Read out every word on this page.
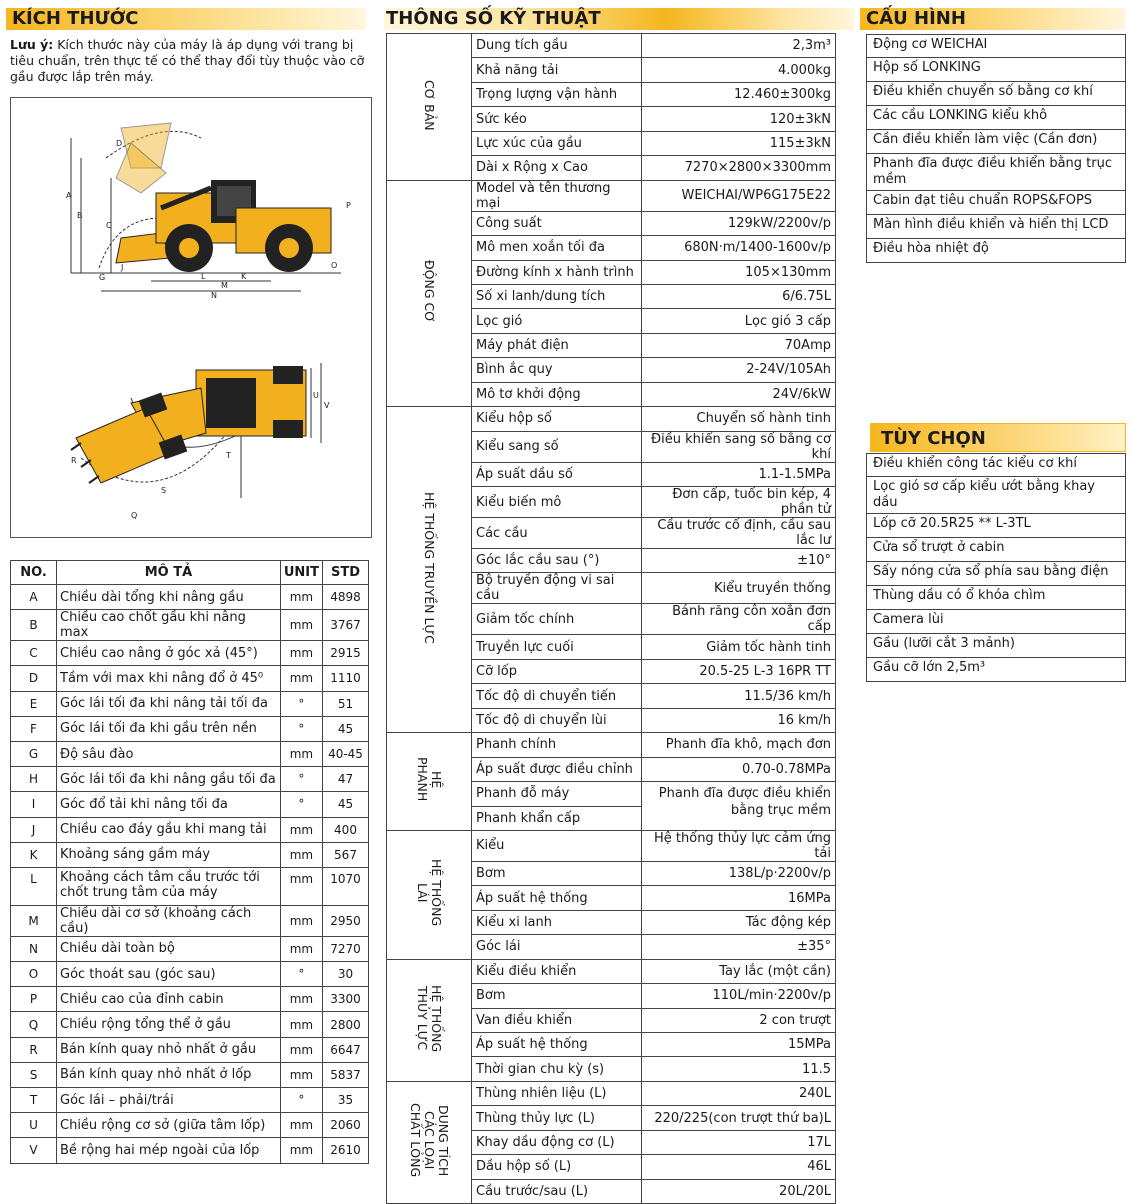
KÍCH THƯỚC	THÔNG SỐ KỸ THUẬT	CẤU HÌNH
Lưu ý: Kích thước này của máy là áp dụng với trang bị tiêu chuẩn, trên thực tế có thể thay đổi tùy thuộc vào cỡ gầu được lắp trên máy.
A
B
C
D
G
J
K
L
M
N
O
P
R
S
T
U
V
Q
NO.	MÔ TẢ	UNIT	STD
A	Chiều dài tổng khi nâng gầu	mm	4898
B	Chiều cao chốt gầu khi nâng max	mm	3767
C	Chiều cao nâng ở góc xả (45°)	mm	2915
D	Tầm với max khi nâng đổ ở 45⁰	mm	1110
E	Góc lái tối đa khi nâng tải tối đa	°	51
F	Góc lái tối đa khi gầu trên nền	°	45
G	Độ sâu đào	mm	40-45
H	Góc lái tối đa khi nâng gầu tối đa	°	47
I	Góc đổ tải khi nâng tối đa	°	45
J	Chiều cao đáy gầu khi mang tải	mm	400
K	Khoảng sáng gầm máy	mm	567
L	Khoảng cách tâm cầu trước tới chốt trung tâm của máy	mm	1070
M	Chiều dài cơ sở (khoảng cách cầu)	mm	2950
N	Chiều dài toàn bộ	mm	7270
O	Góc thoát sau (góc sau)	°	30
P	Chiều cao của đỉnh cabin	mm	3300
Q	Chiều rộng tổng thể ở gầu	mm	2800
R	Bán kính quay nhỏ nhất ở gầu	mm	6647
S	Bán kính quay nhỏ nhất ở lốp	mm	5837
T	Góc lái – phải/trái	°	35
U	Chiều rộng cơ sở (giữa tâm lốp)	mm	2060
V	Bề rộng hai mép ngoài của lốp	mm	2610
CƠ BẢN	Dung tích gầu	2,3m³
	Khả năng tải	4.000kg
	Trọng lượng vận hành	12.460±300kg
	Sức kéo	120±3kN
	Lực xúc của gầu	115±3kN
	Dài x Rộng x Cao	7270×2800×3300mm
ĐỘNG CƠ	Model và tên thương mại	WEICHAI/WP6G175E22
	Công suất	129kW/2200v/p
	Mô men xoắn tối đa	680N·m/1400-1600v/p
	Đường kính x hành trình	105×130mm
	Số xi lanh/dung tích	6/6.75L
	Lọc gió	Lọc gió 3 cấp
	Máy phát điện	70Amp
	Bình ắc quy	2-24V/105Ah
	Mô tơ khởi động	24V/6kW
HỆ THỐNG TRUYỀN LỰC	Kiểu hộp số	Chuyển số hành tinh
	Kiểu sang số	Điều khiển sang số bằng cơ khí
	Áp suất dầu số	1.1-1.5MPa
	Kiểu biến mô	Đơn cấp, tuốc bin kép, 4 phần tử
	Các cầu	Cầu trước cố định, cầu sau lắc lư
	Góc lắc cầu sau (°)	±10°
	Bộ truyền động vi sai cầu	Kiểu truyền thống
	Giảm tốc chính	Bánh răng côn xoắn đơn cấp
	Truyền lực cuối	Giảm tốc hành tinh
	Cỡ lốp	20.5-25 L-3 16PR TT
	Tốc độ di chuyển tiến	11.5/36 km/h
	Tốc độ di chuyển lùi	16 km/h
HỆ
PHANH	Phanh chính	Phanh đĩa khô, mạch đơn
	Áp suất được điều chỉnh	0.70-0.78MPa
	Phanh đỗ máy	Phanh đĩa được điều khiển bằng trục mềm
	Phanh khẩn cấp	
HỆ THỐNG
LÁI	Kiểu	Hệ thống thủy lực cảm ứng tải
	Bơm	138L/p·2200v/p
	Áp suất hệ thống	16MPa
	Kiểu xi lanh	Tác động kép
	Góc lái	±35°
HỆ THỐNG
THỦY LỰC	Kiểu điều khiển	Tay lắc (một cần)
	Bơm	110L/min·2200v/p
	Van điều khiển	2 con trượt
	Áp suất hệ thống	15MPa
	Thời gian chu kỳ (s)	11.5
DUNG TÍCH
CÁC LOẠI
CHẤT LỎNG	Thùng nhiên liệu (L)	240L
	Thùng thủy lực (L)	220/225(con trượt thứ ba)L
	Khay dầu động cơ (L)	17L
	Dầu hộp số (L)	46L
	Cầu trước/sau (L)	20L/20L
Động cơ WEICHAI
Hộp số LONKING
Điều khiển chuyển số bằng cơ khí
Các cầu LONKING kiểu khô
Cần điều khiển làm việc (Cần đơn)
Phanh đĩa được điều khiển bằng trục mềm
Cabin đạt tiêu chuẩn ROPS&FOPS
Màn hình điều khiển và hiển thị LCD
Điều hòa nhiệt độ
TÙY CHỌN
Điều khiển công tác kiểu cơ khí
Lọc gió sơ cấp kiểu ướt bằng khay dầu
Lốp cỡ 20.5R25 ** L-3TL
Cửa sổ trượt ở cabin
Sấy nóng cửa sổ phía sau bằng điện
Thùng dầu có ổ khóa chìm
Camera lùi
Gầu (lưỡi cắt 3 mảnh)
Gầu cỡ lớn 2,5m³
